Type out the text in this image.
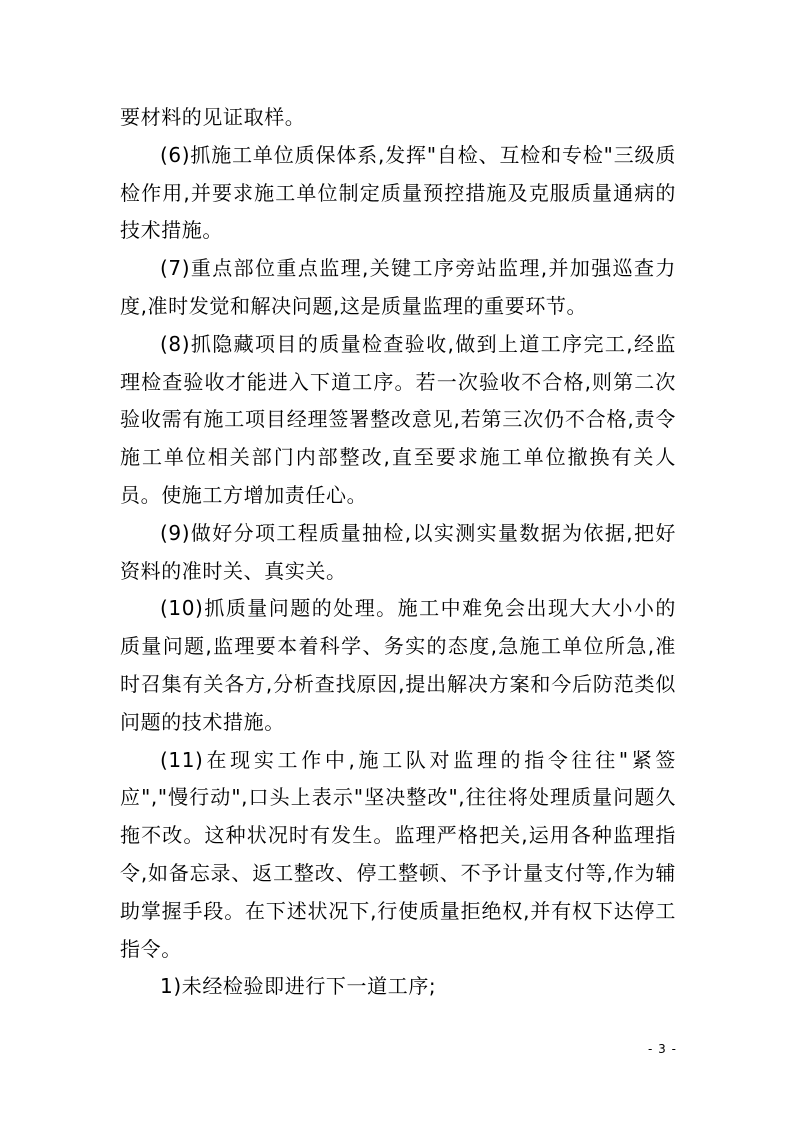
要材料的见证取样。

(6)抓施工单位质保体系,发挥"自检、互检和专检"三级质检作用,并要求施工单位制定质量预控措施及克服质量通病的技术措施。

(7)重点部位重点监理,关键工序旁站监理,并加强巡查力度,准时发觉和解决问题,这是质量监理的重要环节。

(8)抓隐藏项目的质量检查验收,做到上道工序完工,经监理检查验收才能进入下道工序。若一次验收不合格,则第二次验收需有施工项目经理签署整改意见,若第三次仍不合格,责令施工单位相关部门内部整改,直至要求施工单位撤换有关人员。使施工方增加责任心。

(9)做好分项工程质量抽检,以实测实量数据为依据,把好资料的准时关、真实关。

(10)抓质量问题的处理。施工中难免会出现大大小小的质量问题,监理要本着科学、务实的态度,急施工单位所急,准时召集有关各方,分析查找原因,提出解决方案和今后防范类似问题的技术措施。

(11)在现实工作中,施工队对监理的指令往往"紧签应","慢行动",口头上表示"坚决整改",往往将处理质量问题久拖不改。这种状况时有发生。监理严格把关,运用各种监理指令,如备忘录、返工整改、停工整顿、不予计量支付等,作为辅助掌握手段。在下述状况下,行使质量拒绝权,并有权下达停工指令。

1)未经检验即进行下一道工序;

- 3 -
